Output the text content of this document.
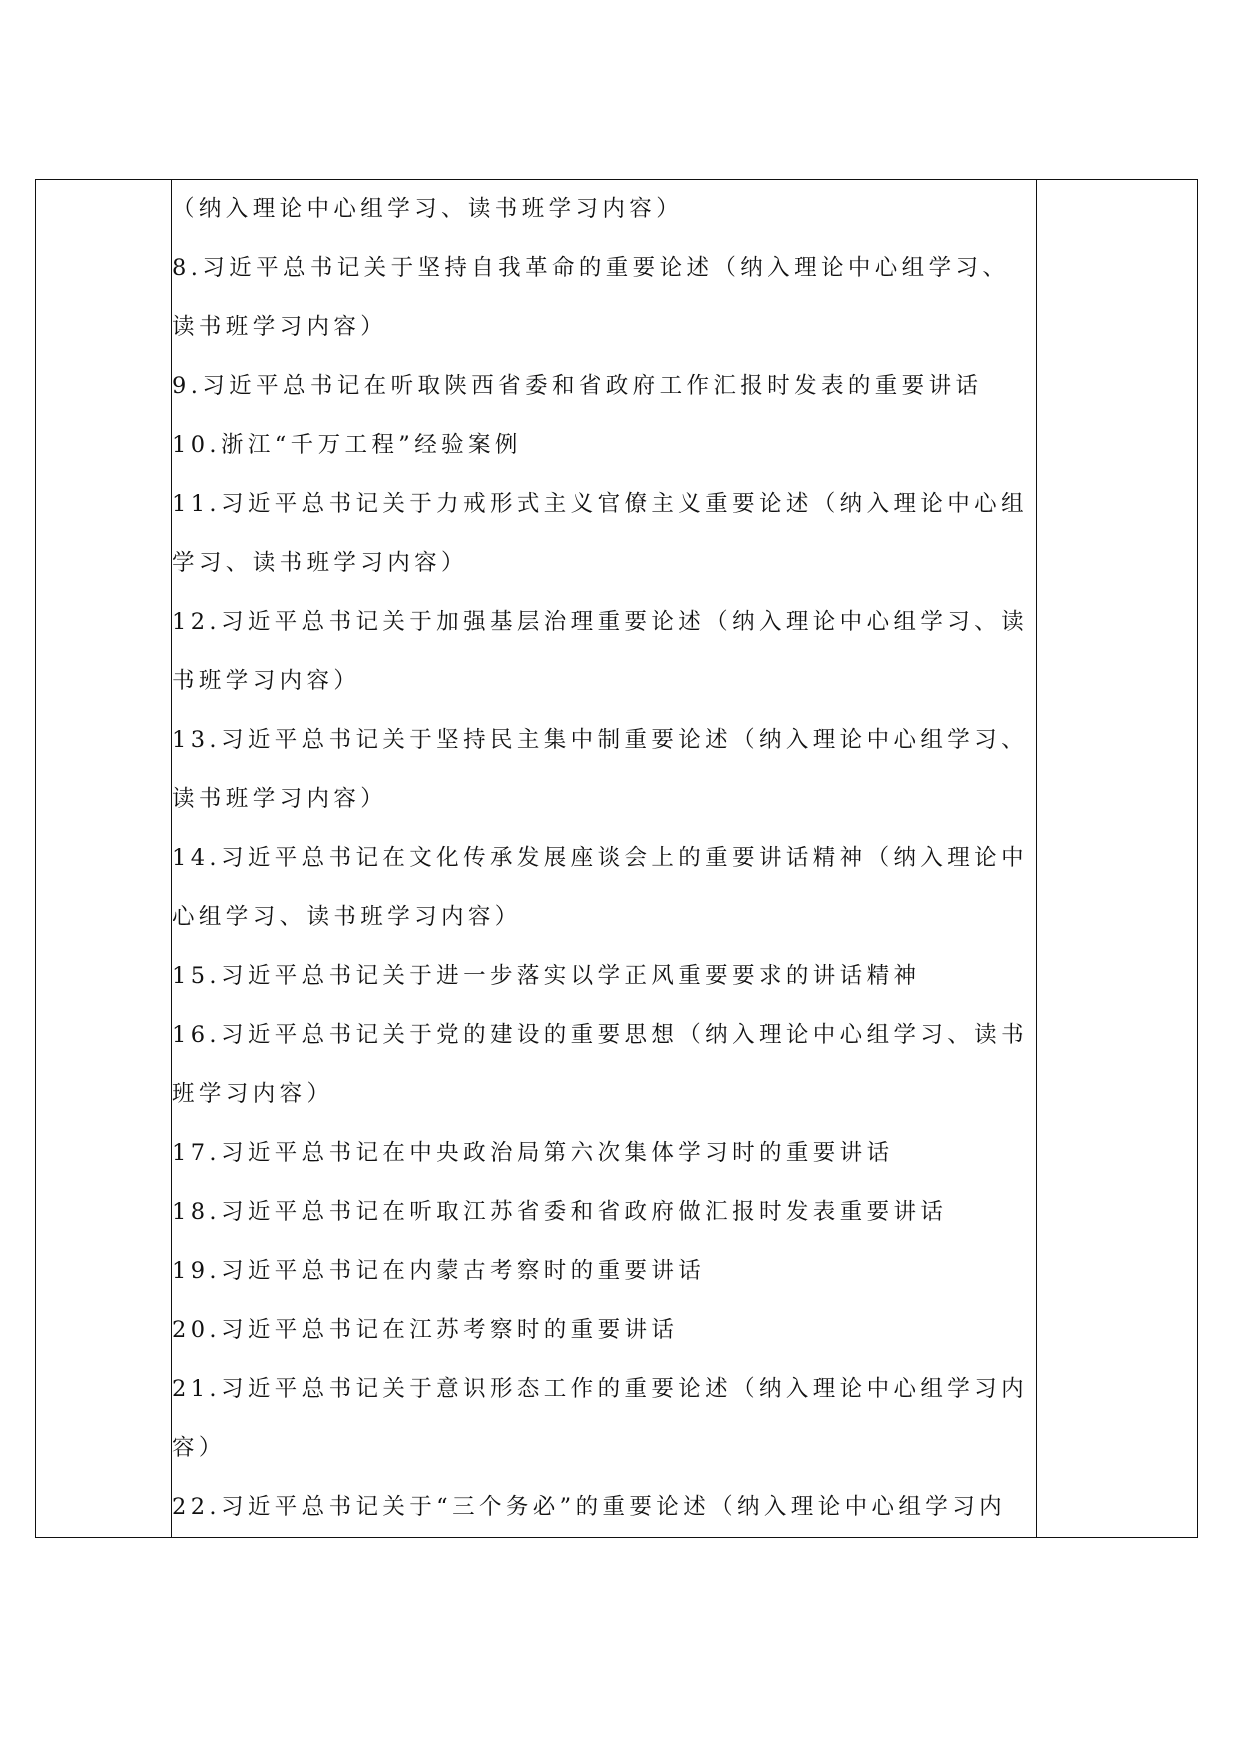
（纳入理论中心组学习、读书班学习内容）
8.习近平总书记关于坚持自我革命的重要论述（纳入理论中心组学习、读书班学习内容）
9.习近平总书记在听取陕西省委和省政府工作汇报时发表的重要讲话
10.浙江“千万工程”经验案例
11.习近平总书记关于力戒形式主义官僚主义重要论述（纳入理论中心组学习、读书班学习内容）
12.习近平总书记关于加强基层治理重要论述（纳入理论中心组学习、读书班学习内容）
13.习近平总书记关于坚持民主集中制重要论述（纳入理论中心组学习、读书班学习内容）
14.习近平总书记在文化传承发展座谈会上的重要讲话精神（纳入理论中心组学习、读书班学习内容）
15.习近平总书记关于进一步落实以学正风重要要求的讲话精神
16.习近平总书记关于党的建设的重要思想（纳入理论中心组学习、读书班学习内容）
17.习近平总书记在中央政治局第六次集体学习时的重要讲话
18.习近平总书记在听取江苏省委和省政府做汇报时发表重要讲话
19.习近平总书记在内蒙古考察时的重要讲话
20.习近平总书记在江苏考察时的重要讲话
21.习近平总书记关于意识形态工作的重要论述（纳入理论中心组学习内容）
22.习近平总书记关于“三个务必”的重要论述（纳入理论中心组学习内
